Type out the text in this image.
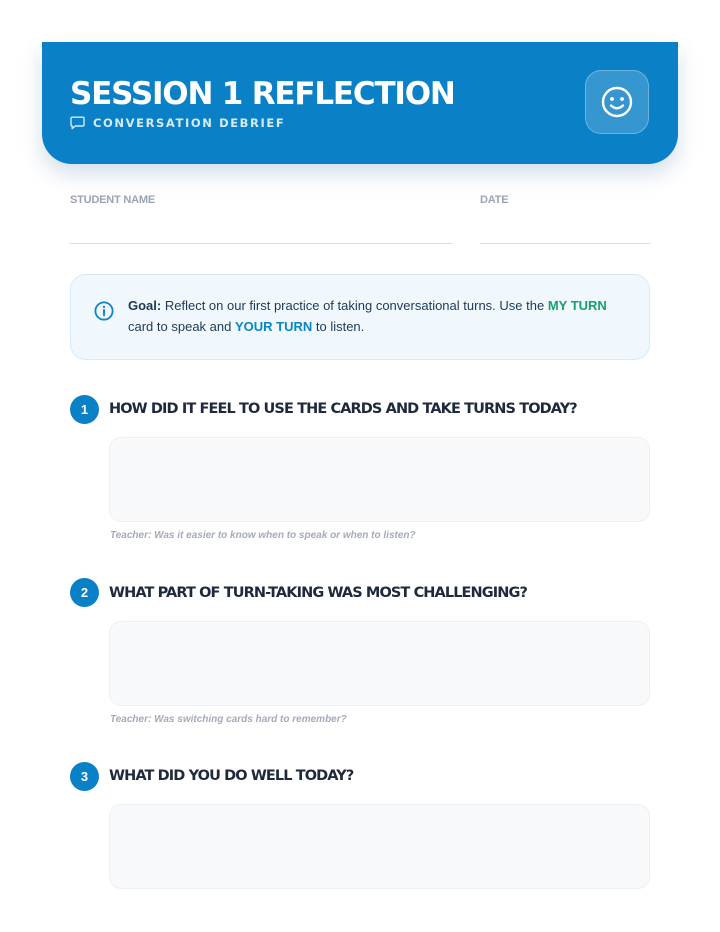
SESSION 1 REFLECTION
CONVERSATION DEBRIEF
STUDENT NAME	DATE
Goal: Reflect on our first practice of taking conversational turns. Use the MY TURN card to speak and YOUR TURN to listen.
1	HOW DID IT FEEL TO USE THE CARDS AND TAKE TURNS TODAY?
Teacher: Was it easier to know when to speak or when to listen?
2	WHAT PART OF TURN-TAKING WAS MOST CHALLENGING?
Teacher: Was switching cards hard to remember?
3	WHAT DID YOU DO WELL TODAY?
